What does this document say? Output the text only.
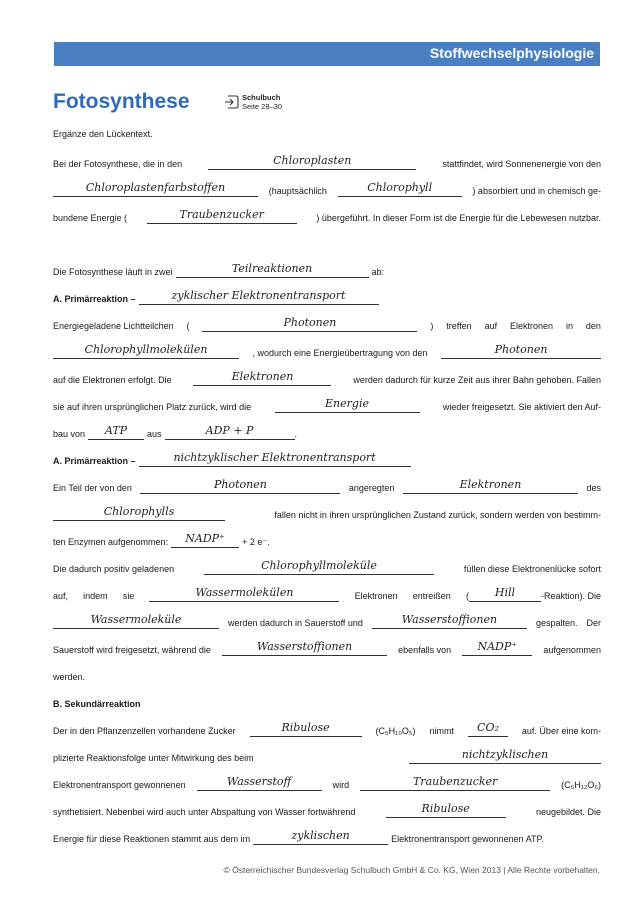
Stoffwechselphysiologie
Fotosynthese	Schulbuch
Seite 28–30
Ergänze den Lückentext.
Bei der Fotosynthese, die in den	Chloroplasten	stattfindet, wird Sonnenenergie von den
Chloroplastenfarbstoffen	(hauptsächlich	Chlorophyll	) absorbiert und in chemisch ge-
bundene Energie (	Traubenzucker	) übergeführt. In dieser Form ist die Energie für die Lebewesen nutzbar.
Die Fotosynthese läuft in zwei	Teilreaktionen	ab:
A. Primärreaktion –	zyklischer Elektronentransport
Energiegeladene Lichtteilchen (	Photonen	) treffen auf Elektronen in den
Chlorophyllmolekülen	, wodurch eine Energieübertragung von den	Photonen
auf die Elektronen erfolgt. Die	Elektronen	werden dadurch für kurze Zeit aus ihrer Bahn gehoben. Fallen
sie auf ihren ursprünglichen Platz zurück, wird die	Energie	wieder freigesetzt. Sie aktiviert den Auf-
bau von	ATP	aus	ADP + P	.
A. Primärreaktion –	nichtzyklischer Elektronentransport
Ein Teil der von den	Photonen	angeregten	Elektronen	des
Chlorophylls	fallen nicht in ihren ursprünglichen Zustand zurück, sondern werden von bestimm-
ten Enzymen aufgenommen:	NADP⁺	+ 2 e⁻.
Die dadurch positiv geladenen	Chlorophyllmoleküle	füllen diese Elektronenlücke sofort
auf, indem sie	Wassermolekülen	Elektronen entreißen (	Hill	-Reaktion). Die
Wassermoleküle	werden dadurch in Sauerstoff und	Wasserstoffionen	gespalten. Der
Sauerstoff wird freigesetzt, während die	Wasserstoffionen	ebenfalls von	NADP⁺	aufgenommen
werden.
B. Sekundärreaktion
Der in den Pflanzenzellen vorhandene Zucker	Ribulose	(C₅H₁₀O₅) nimmt	CO₂	auf. Über eine kom-
plizierte Reaktionsfolge unter Mitwirkung des beim	nichtzyklischen
Elektronentransport gewonnenen	Wasserstoff	wird	Traubenzucker	(C₆H₁₂O₆)
synthetisiert. Nebenbei wird auch unter Abspaltung von Wasser fortwährend	Ribulose	neugebildet. Die
Energie für diese Reaktionen stammt aus dem im	zyklischen	Elektronentransport gewonnenen ATP.
© Österreichischer Bundesverlag Schulbuch GmbH & Co. KG, Wien 2013 | Alle Rechte vorbehalten.
